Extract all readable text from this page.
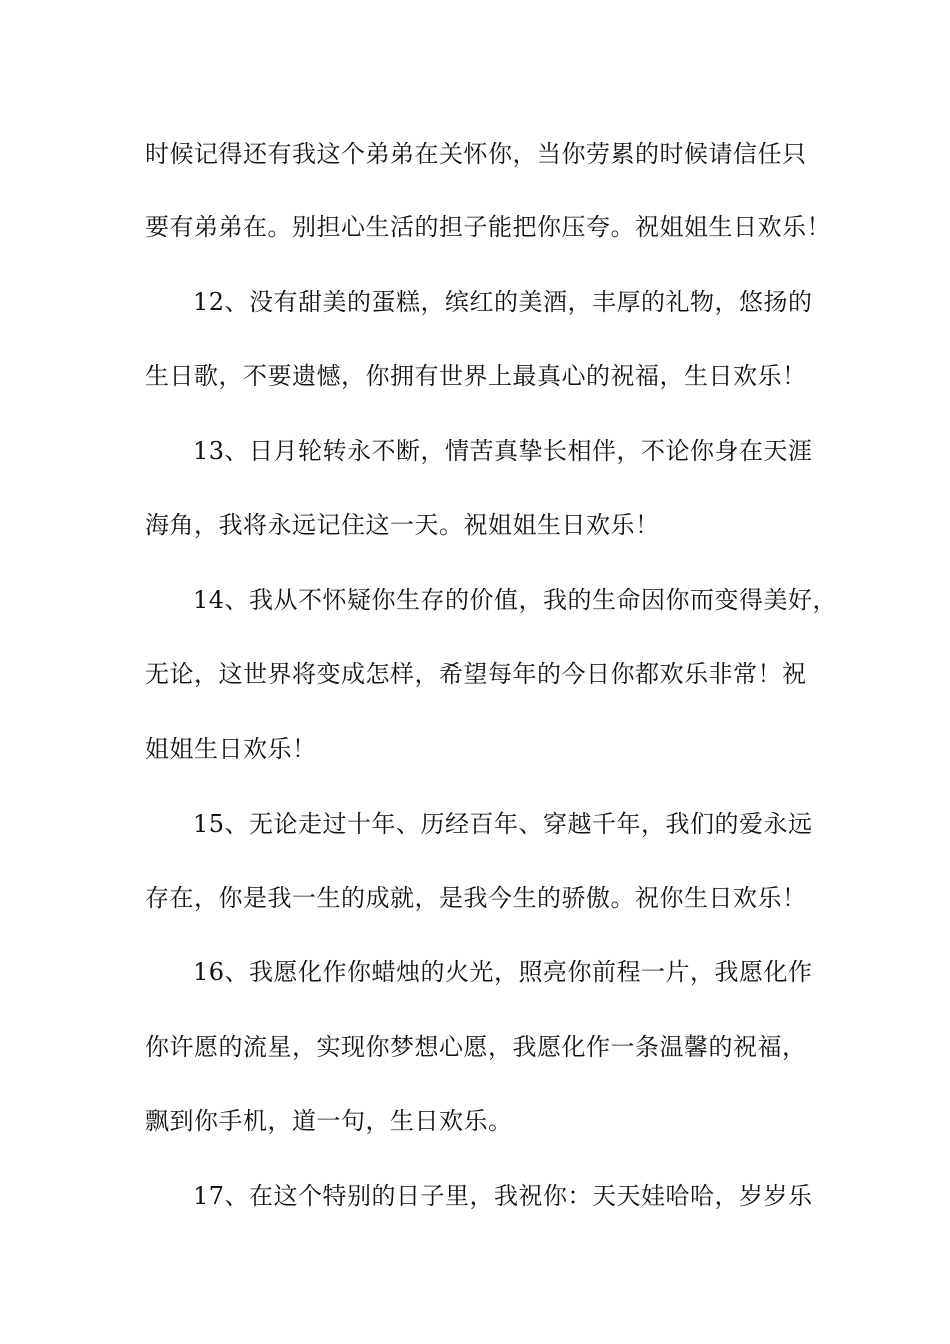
时候记得还有我这个弟弟在关怀你，当你劳累的时候请信任只
要有弟弟在。别担心生活的担子能把你压夸。祝姐姐生日欢乐！
12、没有甜美的蛋糕，缤红的美酒，丰厚的礼物，悠扬的
生日歌，不要遗憾，你拥有世界上最真心的祝福，生日欢乐！
13、日月轮转永不断，情苦真挚长相伴，不论你身在天涯
海角，我将永远记住这一天。祝姐姐生日欢乐！
14、我从不怀疑你生存的价值，我的生命因你而变得美好，
无论，这世界将变成怎样，希望每年的今日你都欢乐非常！祝
姐姐生日欢乐！
15、无论走过十年、历经百年、穿越千年，我们的爱永远
存在，你是我一生的成就，是我今生的骄傲。祝你生日欢乐！
16、我愿化作你蜡烛的火光，照亮你前程一片，我愿化作
你许愿的流星，实现你梦想心愿，我愿化作一条温馨的祝福，
飘到你手机，道一句，生日欢乐。
17、在这个特别的日子里，我祝你：天天娃哈哈，岁岁乐
